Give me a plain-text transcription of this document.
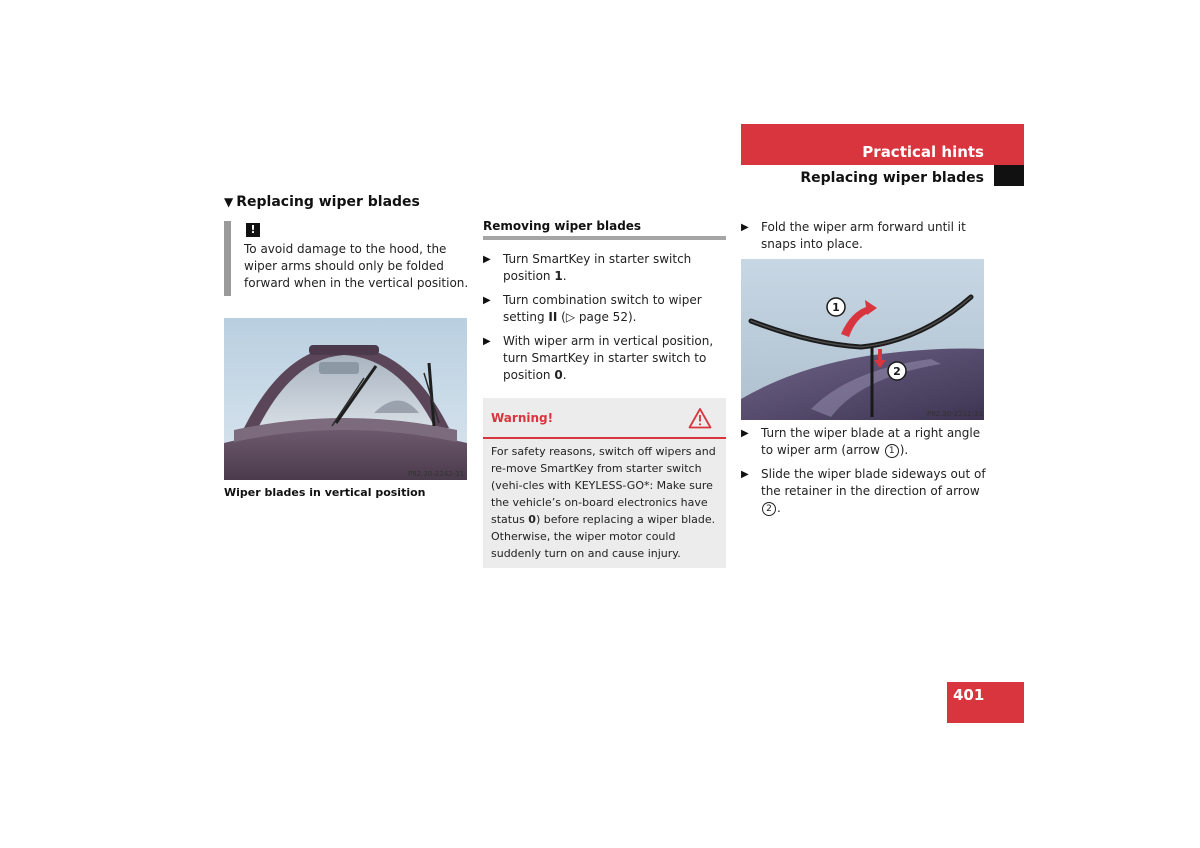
Practical hints
Replacing wiper blades
▼ Replacing wiper blades
!
To avoid damage to the hood, the wiper arms should only be folded forward when in the vertical position.
P82.30-2242-31
Wiper blades in vertical position
Removing wiper blades
▶ Turn SmartKey in starter switch position 1.
▶ Turn combination switch to wiper setting II (▷ page 52).
▶ With wiper arm in vertical position, turn SmartKey in starter switch to position 0.
Warning!
For safety reasons, switch off wipers and re-move SmartKey from starter switch (vehi-cles with KEYLESS-GO*: Make sure the vehicle’s on-board electronics have status 0) before replacing a wiper blade. Otherwise, the wiper motor could suddenly turn on and cause injury.
▶ Fold the wiper arm forward until it snaps into place.
1
2
P82.30-2211-31
▶ Turn the wiper blade at a right angle to wiper arm (arrow 1 ).
▶ Slide the wiper blade sideways out of the retainer in the direction of arrow 2 .
401
